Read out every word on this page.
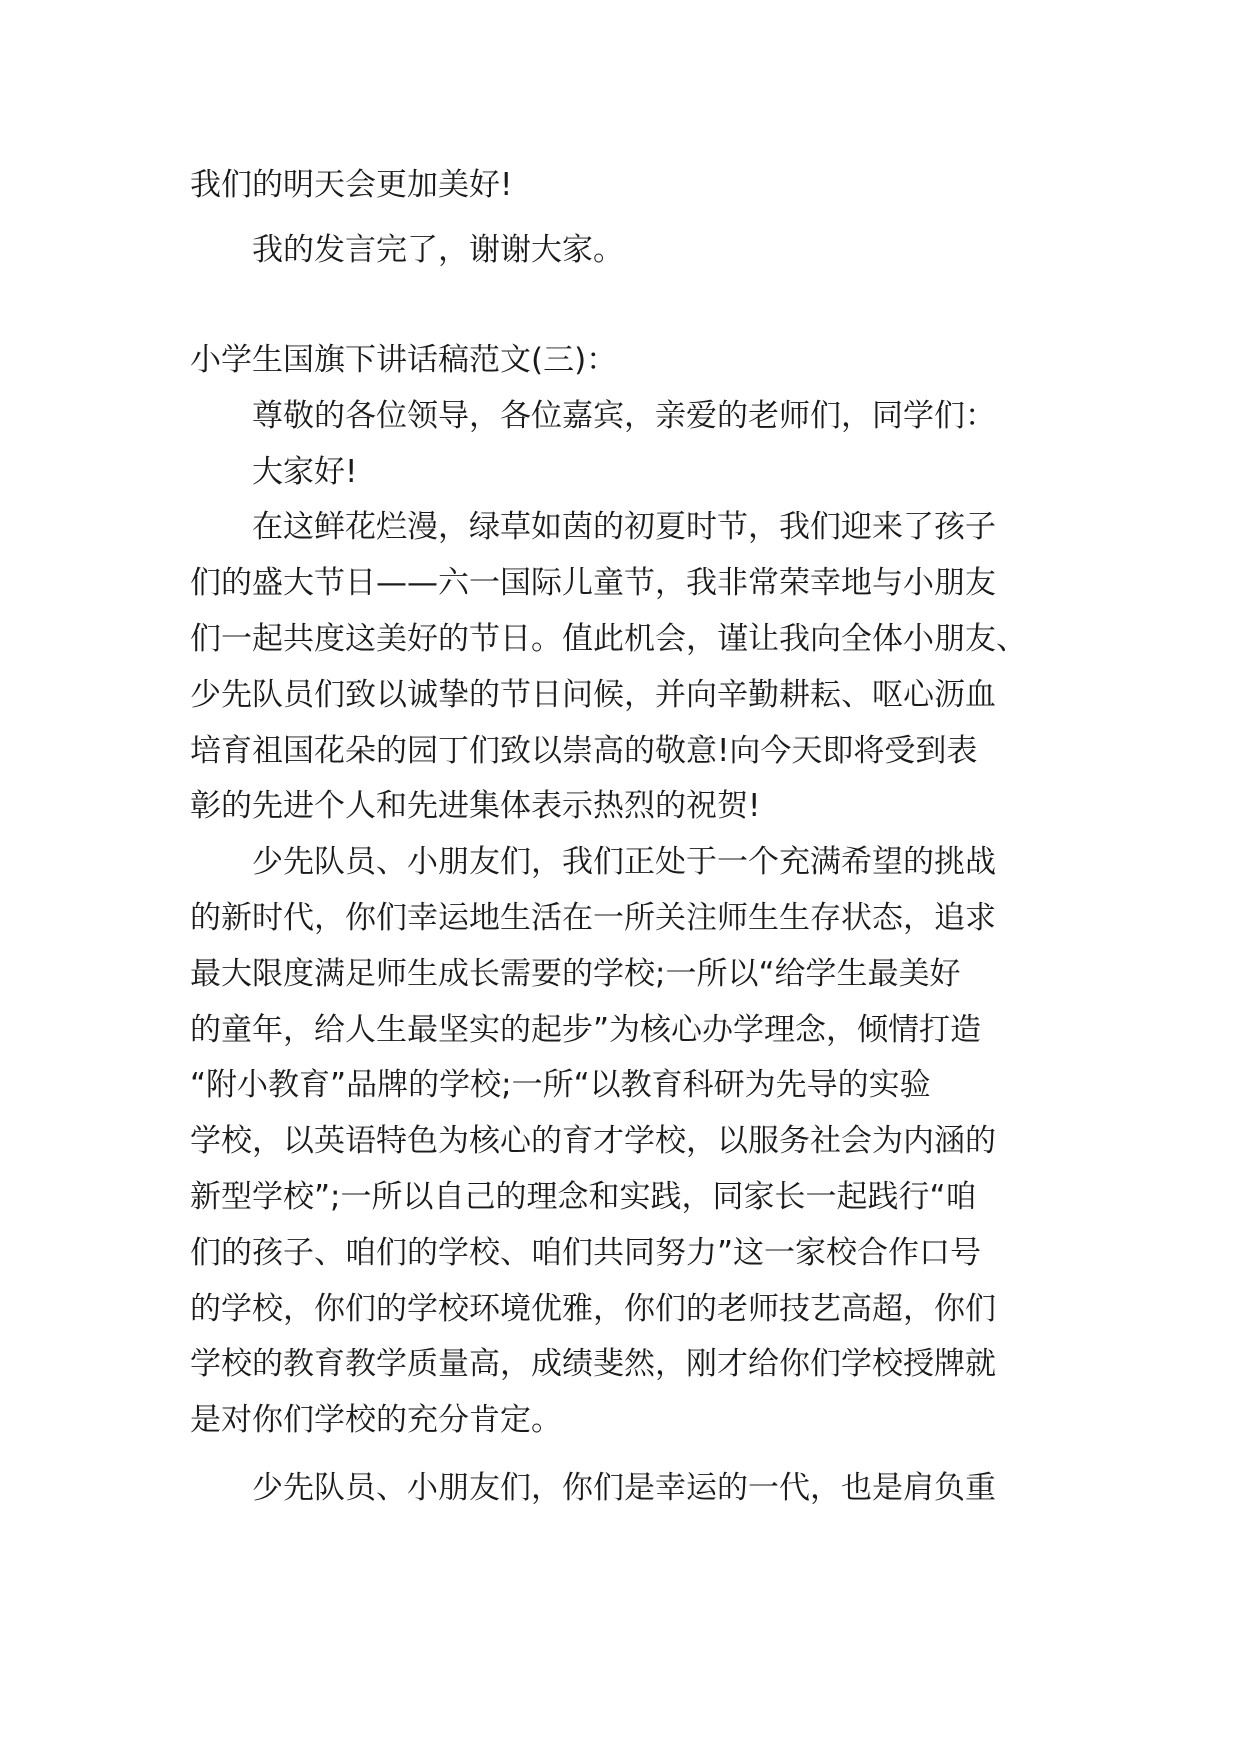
我们的明天会更加美好!
我的发言完了，谢谢大家。
小学生国旗下讲话稿范文(三)：
尊敬的各位领导，各位嘉宾，亲爱的老师们，同学们：
大家好!
在这鲜花烂漫，绿草如茵的初夏时节，我们迎来了孩子
们的盛大节日——六一国际儿童节，我非常荣幸地与小朋友
们一起共度这美好的节日。值此机会，谨让我向全体小朋友、
少先队员们致以诚挚的节日问候，并向辛勤耕耘、呕心沥血
培育祖国花朵的园丁们致以崇高的敬意!向今天即将受到表
彰的先进个人和先进集体表示热烈的祝贺!
少先队员、小朋友们，我们正处于一个充满希望的挑战
的新时代，你们幸运地生活在一所关注师生生存状态，追求
最大限度满足师生成长需要的学校;一所以“给学生最美好
的童年，给人生最坚实的起步”为核心办学理念，倾情打造
“附小教育”品牌的学校;一所“以教育科研为先导的实验
学校，以英语特色为核心的育才学校，以服务社会为内涵的
新型学校”;一所以自己的理念和实践，同家长一起践行“咱
们的孩子、咱们的学校、咱们共同努力”这一家校合作口号
的学校，你们的学校环境优雅，你们的老师技艺高超，你们
学校的教育教学质量高，成绩斐然，刚才给你们学校授牌就
是对你们学校的充分肯定。
少先队员、小朋友们，你们是幸运的一代，也是肩负重
